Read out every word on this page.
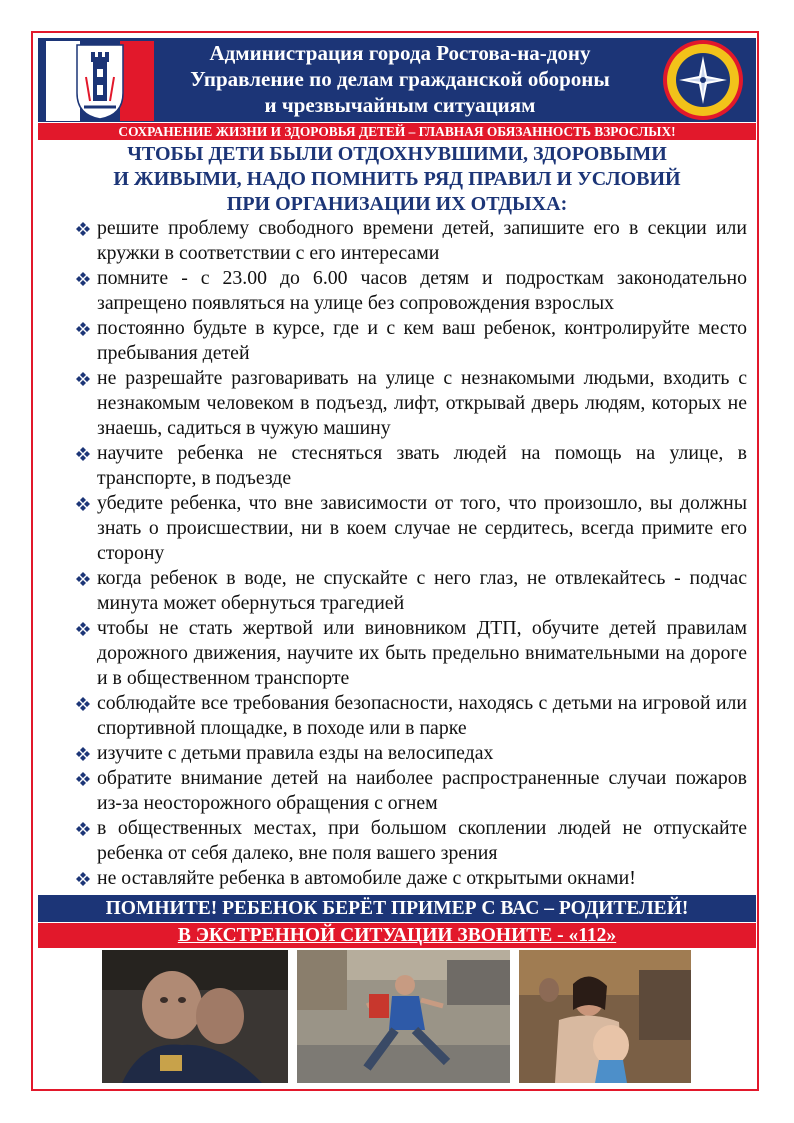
Администрация города Ростова-на-дону
Управление по делам гражданской обороны
и чрезвычайным ситуациям
СОХРАНЕНИЕ ЖИЗНИ И ЗДОРОВЬЯ ДЕТЕЙ – ГЛАВНАЯ ОБЯЗАННОСТЬ ВЗРОСЛЫХ!
ЧТОБЫ ДЕТИ БЫЛИ ОТДОХНУВШИМИ, ЗДОРОВЫМИ
И ЖИВЫМИ, НАДО ПОМНИТЬ РЯД ПРАВИЛ И УСЛОВИЙ
ПРИ ОРГАНИЗАЦИИ ИХ ОТДЫХА:
решите проблему свободного времени детей, запишите его в секции или кружки в соответствии с его интересами
помните - с 23.00 до 6.00 часов детям и подросткам законодательно запрещено появляться на улице без сопровождения взрослых
постоянно будьте в курсе, где и с кем ваш ребенок, контролируйте место пребывания детей
не разрешайте разговаривать на улице с незнакомыми людьми, входить с незнакомым человеком в подъезд, лифт, открывай дверь людям, которых не знаешь, садиться в чужую машину
научите ребенка не стесняться звать людей на помощь на улице, в транспорте, в подъезде
убедите ребенка, что вне зависимости от того, что произошло, вы должны знать о происшествии, ни в коем случае не сердитесь, всегда примите его сторону
когда ребенок в воде, не спускайте с него глаз, не отвлекайтесь - подчас минута может обернуться трагедией
чтобы не стать жертвой или виновником ДТП, обучите детей правилам дорожного движения, научите их быть предельно внимательными на дороге и в общественном транспорте
соблюдайте все требования безопасности, находясь с детьми на игровой или спортивной площадке, в походе или в парке
изучите с детьми правила езды на велосипедах
обратите внимание детей на наиболее распространенные случаи пожаров из-за неосторожного обращения с огнем
в общественных местах, при большом скоплении людей не отпускайте ребенка от себя далеко, вне поля вашего зрения
не оставляйте ребенка в автомобиле даже с открытыми окнами!
ПОМНИТЕ! РЕБЕНОК БЕРЁТ ПРИМЕР С ВАС – РОДИТЕЛЕЙ!
В ЭКСТРЕННОЙ СИТУАЦИИ ЗВОНИТЕ - «112»
